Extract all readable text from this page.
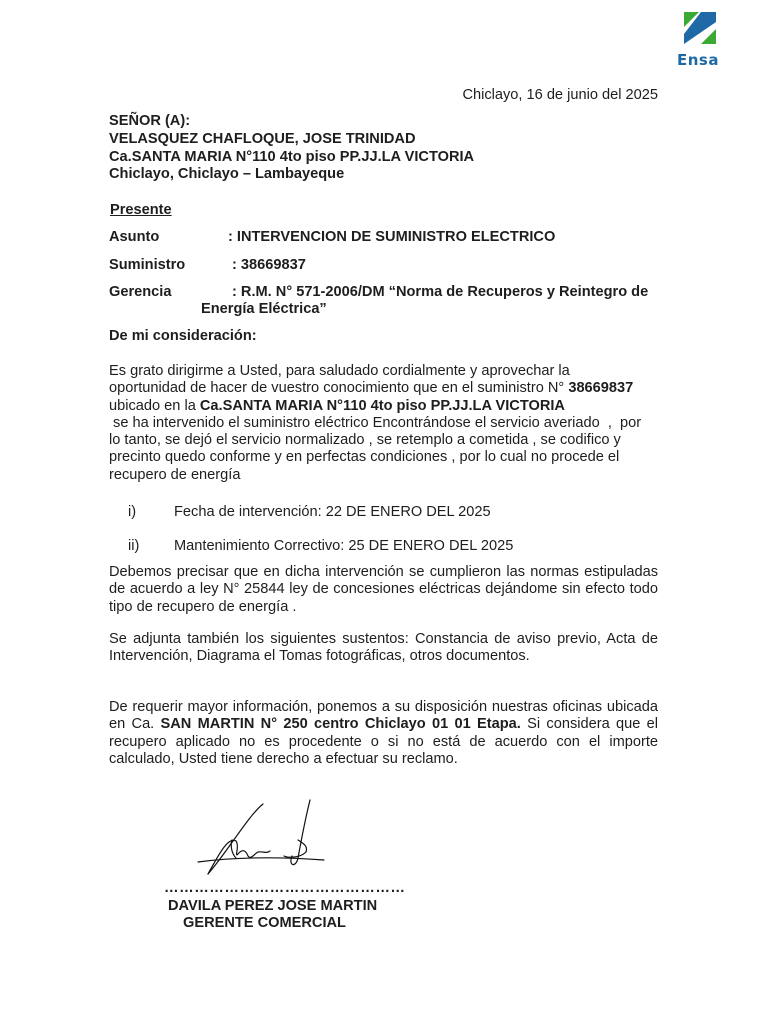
Ensa
Chiclayo, 16 de junio del 2025
SEÑOR (A):
VELASQUEZ CHAFLOQUE, JOSE TRINIDAD
Ca.SANTA MARIA N°110 4to piso PP.JJ.LA VICTORIA
Chiclayo, Chiclayo – Lambayeque
Presente
Asunto	: INTERVENCION DE SUMINISTRO ELECTRICO
Suministro	: 38669837
Gerencia	: R.M. N° 571-2006/DM “Norma de Recuperos y Reintegro de
Energía Eléctrica”
De mi consideración:
Es grato dirigirme a Usted, para saludado cordialmente y aprovechar la
oportunidad de hacer de vuestro conocimiento que en el suministro N° 38669837
ubicado en la Ca.SANTA MARIA N°110 4to piso PP.JJ.LA VICTORIA
se ha intervenido el suministro eléctrico Encontrándose el servicio averiado  ,  por
lo tanto, se dejó el servicio normalizado , se retemplo a cometida , se codifico y
precinto quedo conforme y en perfectas condiciones , por lo cual no procede el
recupero de energía
i)	Fecha de intervención: 22 DE ENERO DEL 2025
ii) Mantenimiento Correctivo: 25 DE ENERO DEL 2025
Debemos precisar que en dicha intervención se cumplieron las normas estipuladas de acuerdo a ley N° 25844 ley de concesiones eléctricas dejándome sin efecto todo tipo de recupero de energía .
Se adjunta también los siguientes sustentos: Constancia de aviso previo, Acta de Intervención, Diagrama el Tomas fotográficas, otros documentos.
De requerir mayor información, ponemos a su disposición nuestras oficinas ubicada en Ca. SAN MARTIN N° 250 centro Chiclayo 01 01 Etapa. Si considera que el recupero aplicado no es procedente o si no está de acuerdo con el importe calculado, Usted tiene derecho a efectuar su reclamo.
…………………………………………
DAVILA PEREZ JOSE MARTIN
GERENTE COMERCIAL
